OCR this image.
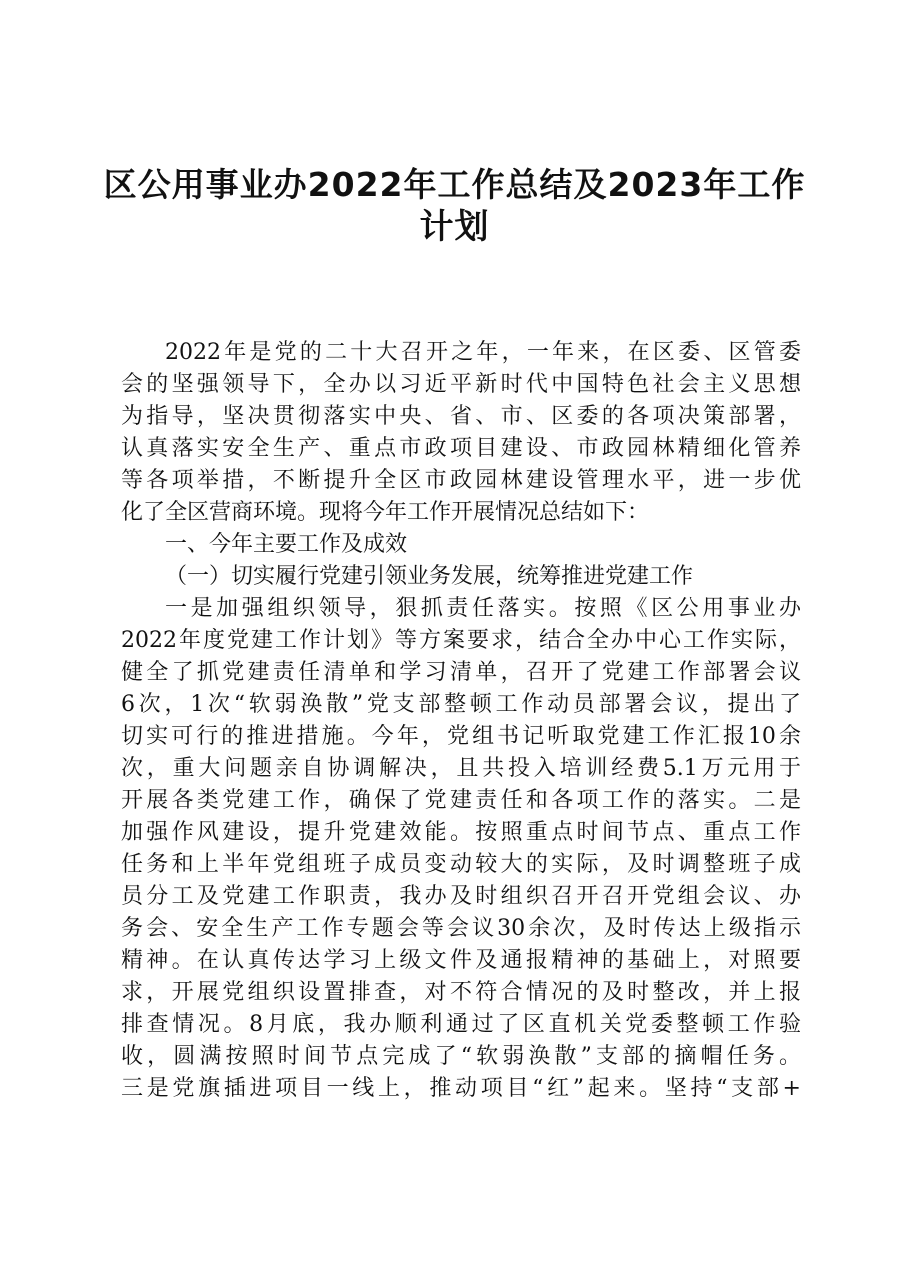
区公用事业办2022年工作总结及2023年工作
计划
2022年是党的二十大召开之年，一年来，在区委、区管委
会的坚强领导下，全办以习近平新时代中国特色社会主义思想
为指导，坚决贯彻落实中央、省、市、区委的各项决策部署，
认真落实安全生产、重点市政项目建设、市政园林精细化管养
等各项举措，不断提升全区市政园林建设管理水平，进一步优
化了全区营商环境。现将今年工作开展情况总结如下：
一、今年主要工作及成效
（一）切实履行党建引领业务发展，统筹推进党建工作
一是加强组织领导，狠抓责任落实。按照《区公用事业办
2022年度党建工作计划》等方案要求，结合全办中心工作实际，
健全了抓党建责任清单和学习清单，召开了党建工作部署会议
6次，1次“软弱涣散”党支部整顿工作动员部署会议，提出了
切实可行的推进措施。今年，党组书记听取党建工作汇报10余
次，重大问题亲自协调解决，且共投入培训经费5.1万元用于
开展各类党建工作，确保了党建责任和各项工作的落实。二是
加强作风建设，提升党建效能。按照重点时间节点、重点工作
任务和上半年党组班子成员变动较大的实际，及时调整班子成
员分工及党建工作职责，我办及时组织召开召开党组会议、办
务会、安全生产工作专题会等会议30余次，及时传达上级指示
精神。在认真传达学习上级文件及通报精神的基础上，对照要
求，开展党组织设置排查，对不符合情况的及时整改，并上报
排查情况。8月底，我办顺利通过了区直机关党委整顿工作验
收，圆满按照时间节点完成了“软弱涣散”支部的摘帽任务。
三是党旗插进项目一线上，推动项目“红”起来。坚持“支部+
